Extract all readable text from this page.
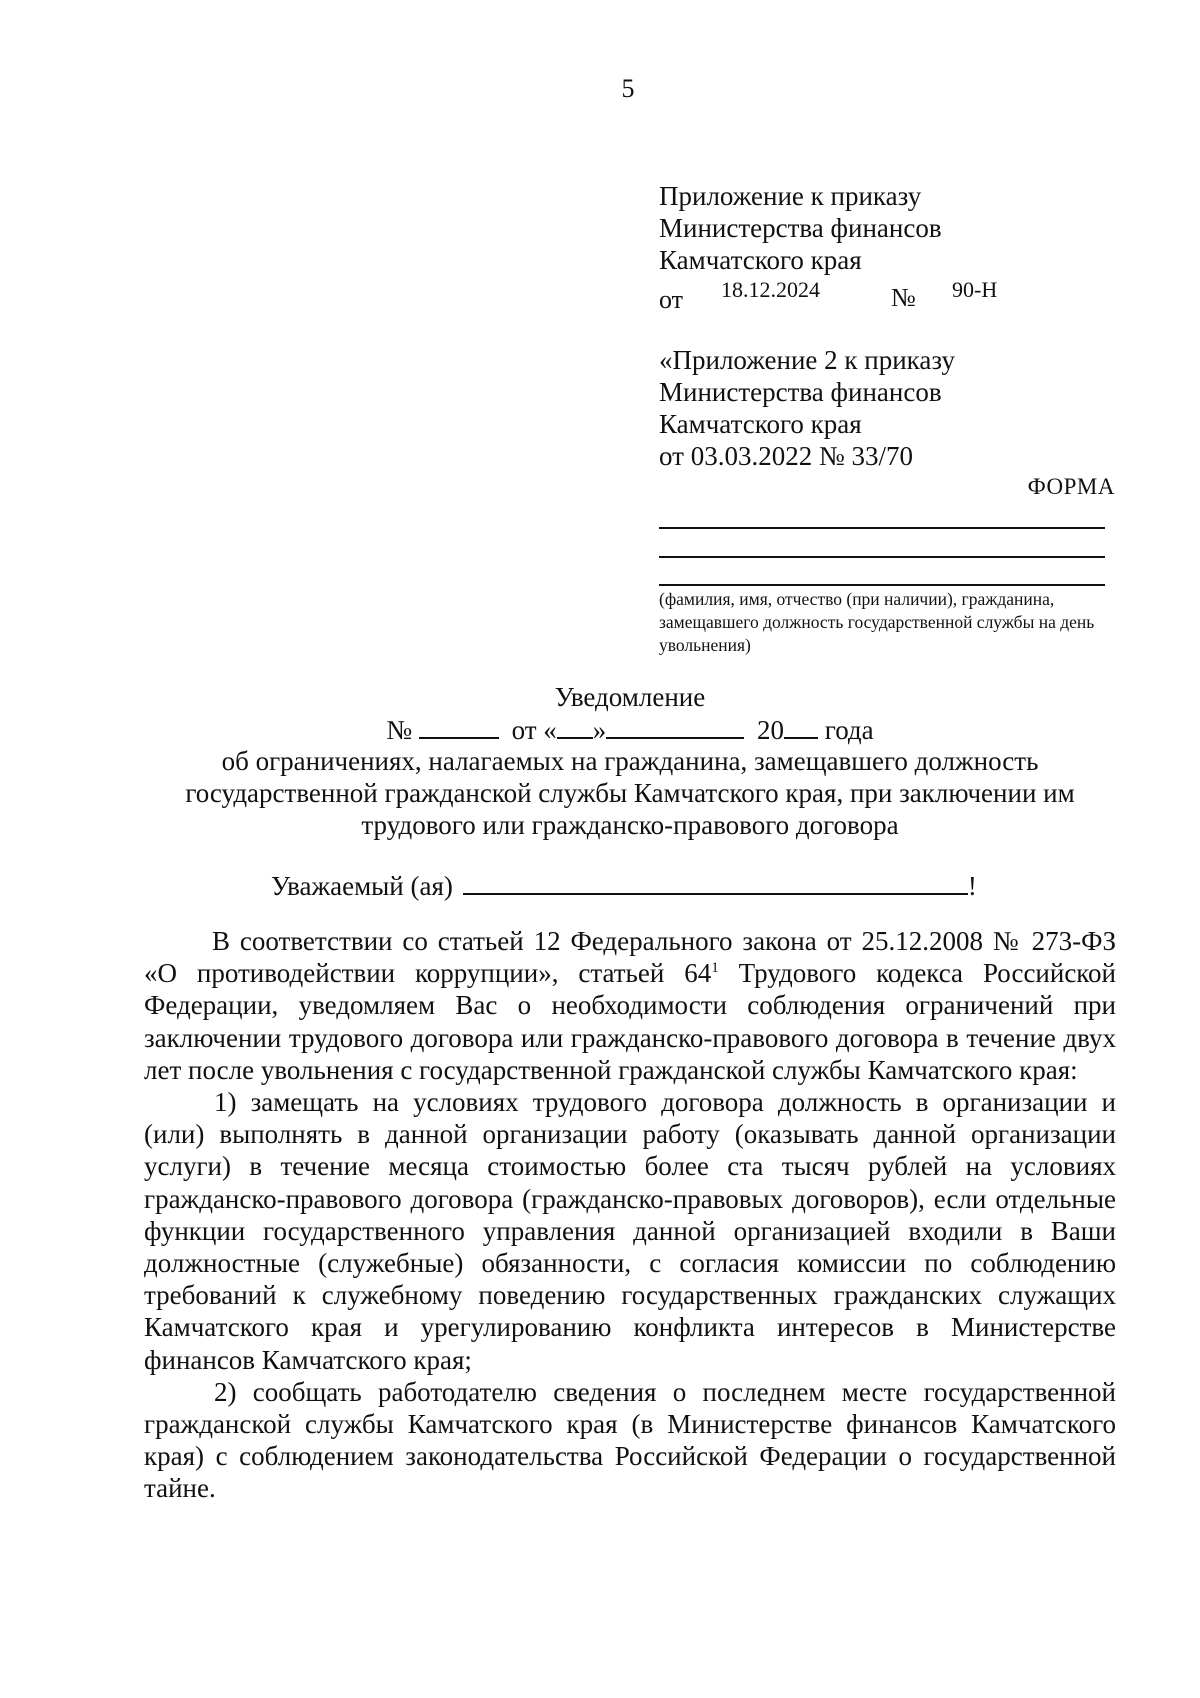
5
Приложение к приказу
Министерства финансов
Камчатского края
от 18.12.2024	№ 90-Н
«Приложение 2 к приказу
Министерства финансов
Камчатского края
от 03.03.2022 № 33/70
ФОРМА
(фамилия, имя, отчество (при наличии), гражданина, замещавшего должность государственной службы на день увольнения)
Уведомление
№	от « »	20 года
об ограничениях, налагаемых на гражданина, замещавшего должность государственной гражданской службы Камчатского края, при заключении им трудового или гражданско-правового договора
Уважаемый (ая)	!

В соответствии со статьей 12 Федерального закона от 25.12.2008 № 273-ФЗ «О противодействии коррупции», статьей $64^1$ Трудового кодекса Российской Федерации, уведомляем Вас о необходимости соблюдения ограничений при заключении трудового договора или гражданско-правового договора в течение двух лет после увольнения с государственной гражданской службы Камчатского края:

1) замещать на условиях трудового договора должность в организации и (или) выполнять в данной организации работу (оказывать данной организации услуги) в течение месяца стоимостью более ста тысяч рублей на условиях гражданско-правового договора (гражданско-правовых договоров), если отдельные функции государственного управления данной организацией входили в Ваши должностные (служебные) обязанности, с согласия комиссии по соблюдению требований к служебному поведению государственных гражданских служащих Камчатского края и урегулированию конфликта интересов в Министерстве финансов Камчатского края;

2) сообщать работодателю сведения о последнем месте государственной гражданской службы Камчатского края (в Министерстве финансов Камчатского края) с соблюдением законодательства Российской Федерации о государственной тайне.
